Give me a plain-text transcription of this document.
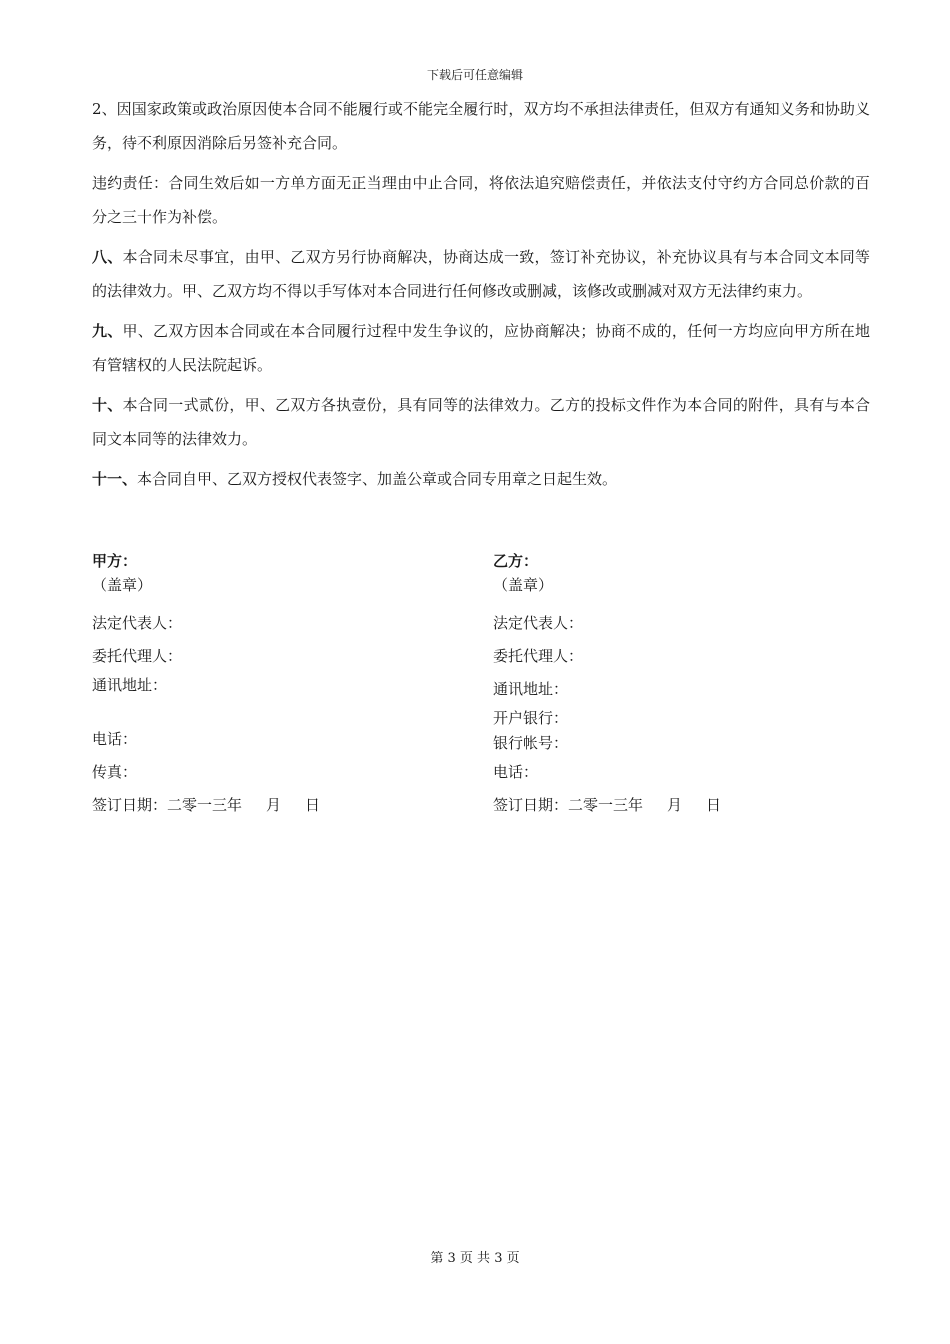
下载后可任意编辑

2、因国家政策或政治原因使本合同不能履行或不能完全履行时，双方均不承担法律责任，但双方有通知义务和协助义务，待不利原因消除后另签补充合同。

违约责任：合同生效后如一方单方面无正当理由中止合同，将依法追究赔偿责任，并依法支付守约方合同总价款的百分之三十作为补偿。

八、本合同未尽事宜，由甲、乙双方另行协商解决，协商达成一致，签订补充协议，补充协议具有与本合同文本同等的法律效力。甲、乙双方均不得以手写体对本合同进行任何修改或删减，该修改或删减对双方无法律约束力。

九、甲、乙双方因本合同或在本合同履行过程中发生争议的，应协商解决；协商不成的，任何一方均应向甲方所在地有管辖权的人民法院起诉。

十、本合同一式贰份，甲、乙双方各执壹份，具有同等的法律效力。乙方的投标文件作为本合同的附件，具有与本合同文本同等的法律效力。

十一、本合同自甲、乙双方授权代表签字、加盖公章或合同专用章之日起生效。

甲方：
（盖章）
法定代表人：
委托代理人：
通讯地址：
电话：
传真：
签订日期：二零一三年 月 日
乙方：
（盖章）
法定代表人：
委托代理人：
通讯地址：
开户银行：
银行帐号：
电话：
签订日期：二零一三年 月 日
第 3 页 共 3 页
